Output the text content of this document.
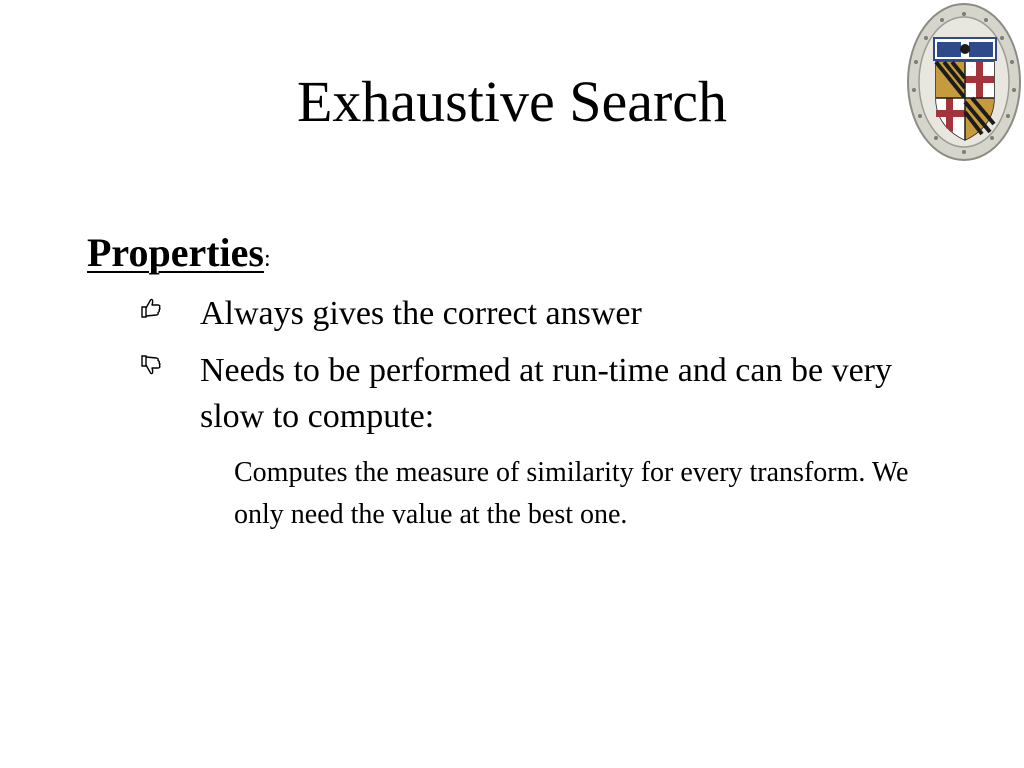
Exhaustive Search
Properties:
Always gives the correct answer
Needs to be performed at run-time and can be very slow to compute:
Computes the measure of similarity for every transform. We only need the value at the best one.
